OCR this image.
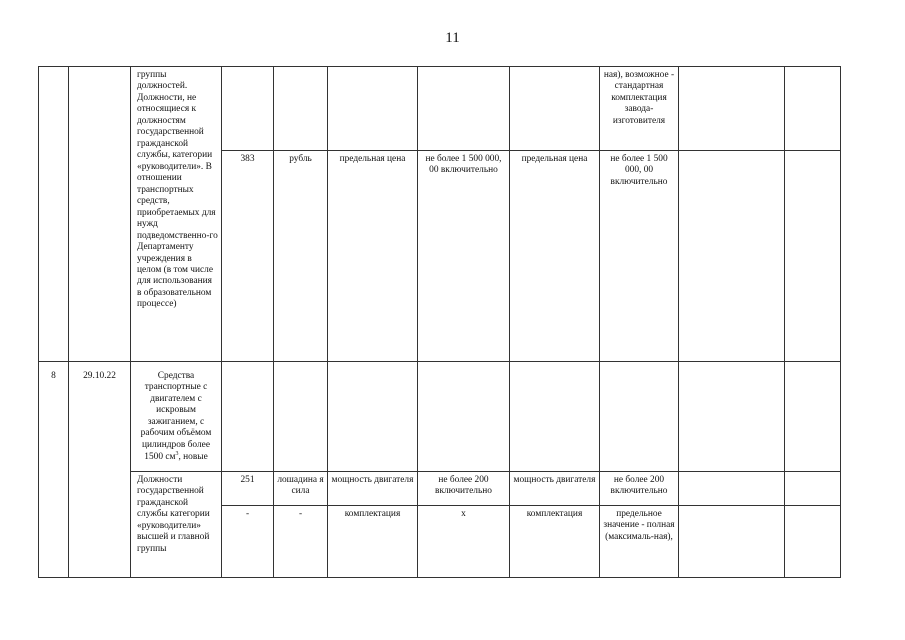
11
		группы должностей. Должности, не относящиеся к должностям государственной гражданской службы, категории «руководители». В отношении транспортных средств, приобретаемых для нужд подведомственно-го Департаменту учреждения в целом (в том числе для использования в образовательном процессе)						ная), возможное - стандартная комплектация завода-изготовителя		
			383	рубль	предельная цена	не более 1 500 000, 00 включительно	предельная цена	не более 1 500 000, 00 включительно		
8	29.10.22	Средства транспортные с двигателем с искровым зажиганием, с рабочим объёмом цилиндров более 1500 $см^3$, новые								
		Должности государственной гражданской службы категории «руководители» высшей и главной группы	251	лошадина я сила	мощность двигателя	не более 200 включительно	мощность двигателя	не более 200 включительно		
			-	-	комплектация	х	комплектация	предельное значение - полная (максималь-ная),		
